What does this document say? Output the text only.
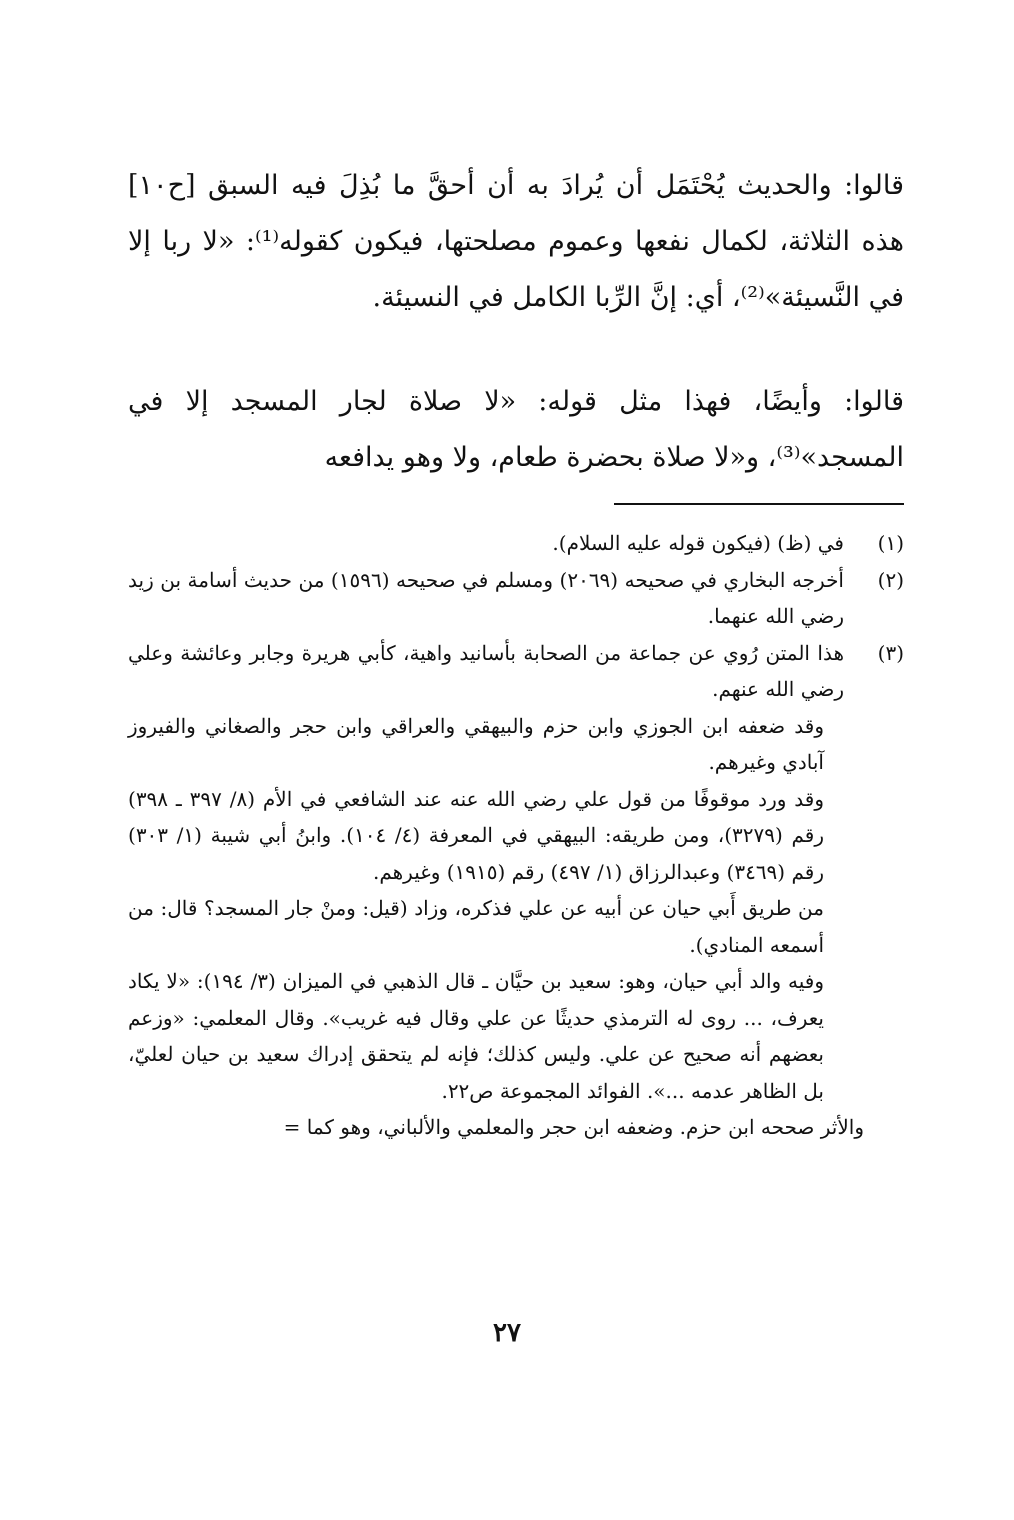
قالوا: والحديث يُحْتَمَل أن يُرادَ به أن أحقَّ ما بُذِلَ فيه السبق [ح١٠] هذه الثلاثة، لكمال نفعها وعموم مصلحتها، فيكون كقوله⁽¹⁾: «لا ربا إلا في النَّسيئة»⁽²⁾، أي: إنَّ الرِّبا الكامل في النسيئة.

قالوا: وأيضًا، فهذا مثل قوله: «لا صلاة لجار المسجد إلا في المسجد»⁽³⁾، و«لا صلاة بحضرة طعام، ولا وهو يدافعه

(١)
في (ظ) (فيكون قوله عليه السلام).
(٢)
أخرجه البخاري في صحيحه (٢٠٦٩) ومسلم في صحيحه (١٥٩٦) من حديث أسامة بن زيد رضي الله عنهما.
(٣)
هذا المتن رُوي عن جماعة من الصحابة بأسانيد واهية، كأبي هريرة وجابر وعائشة وعلي رضي الله عنهم.
وقد ضعفه ابن الجوزي وابن حزم والبيهقي والعراقي وابن حجر والصغاني والفيروز آبادي وغيرهم.
وقد ورد موقوفًا من قول علي رضي الله عنه عند الشافعي في الأم (٨/ ٣٩٧ ـ ٣٩٨) رقم (٣٢٧٩)، ومن طريقه: البيهقي في المعرفة (٤/ ١٠٤). وابنُ أبي شيبة (١/ ٣٠٣) رقم (٣٤٦٩) وعبدالرزاق (١/ ٤٩٧) رقم (١٩١٥) وغيرهم.
من طريق أَبي حيان عن أبيه عن علي فذكره، وزاد (قيل: ومنْ جار المسجد؟ قال: من أسمعه المنادي).
وفيه والد أبي حيان، وهو: سعيد بن حيَّان ـ قال الذهبي في الميزان (٣/ ١٩٤): «لا يكاد يعرف، ... روى له الترمذي حديثًا عن علي وقال فيه غريب». وقال المعلمي: «وزعم بعضهم أنه صحيح عن علي. وليس كذلك؛ فإنه لم يتحقق إدراك سعيد بن حيان لعليّ، بل الظاهر عدمه ...». الفوائد المجموعة ص٢٢.
والأثر صححه ابن حزم. وضعفه ابن حجر والمعلمي والألباني، وهو كما =
٢٧
